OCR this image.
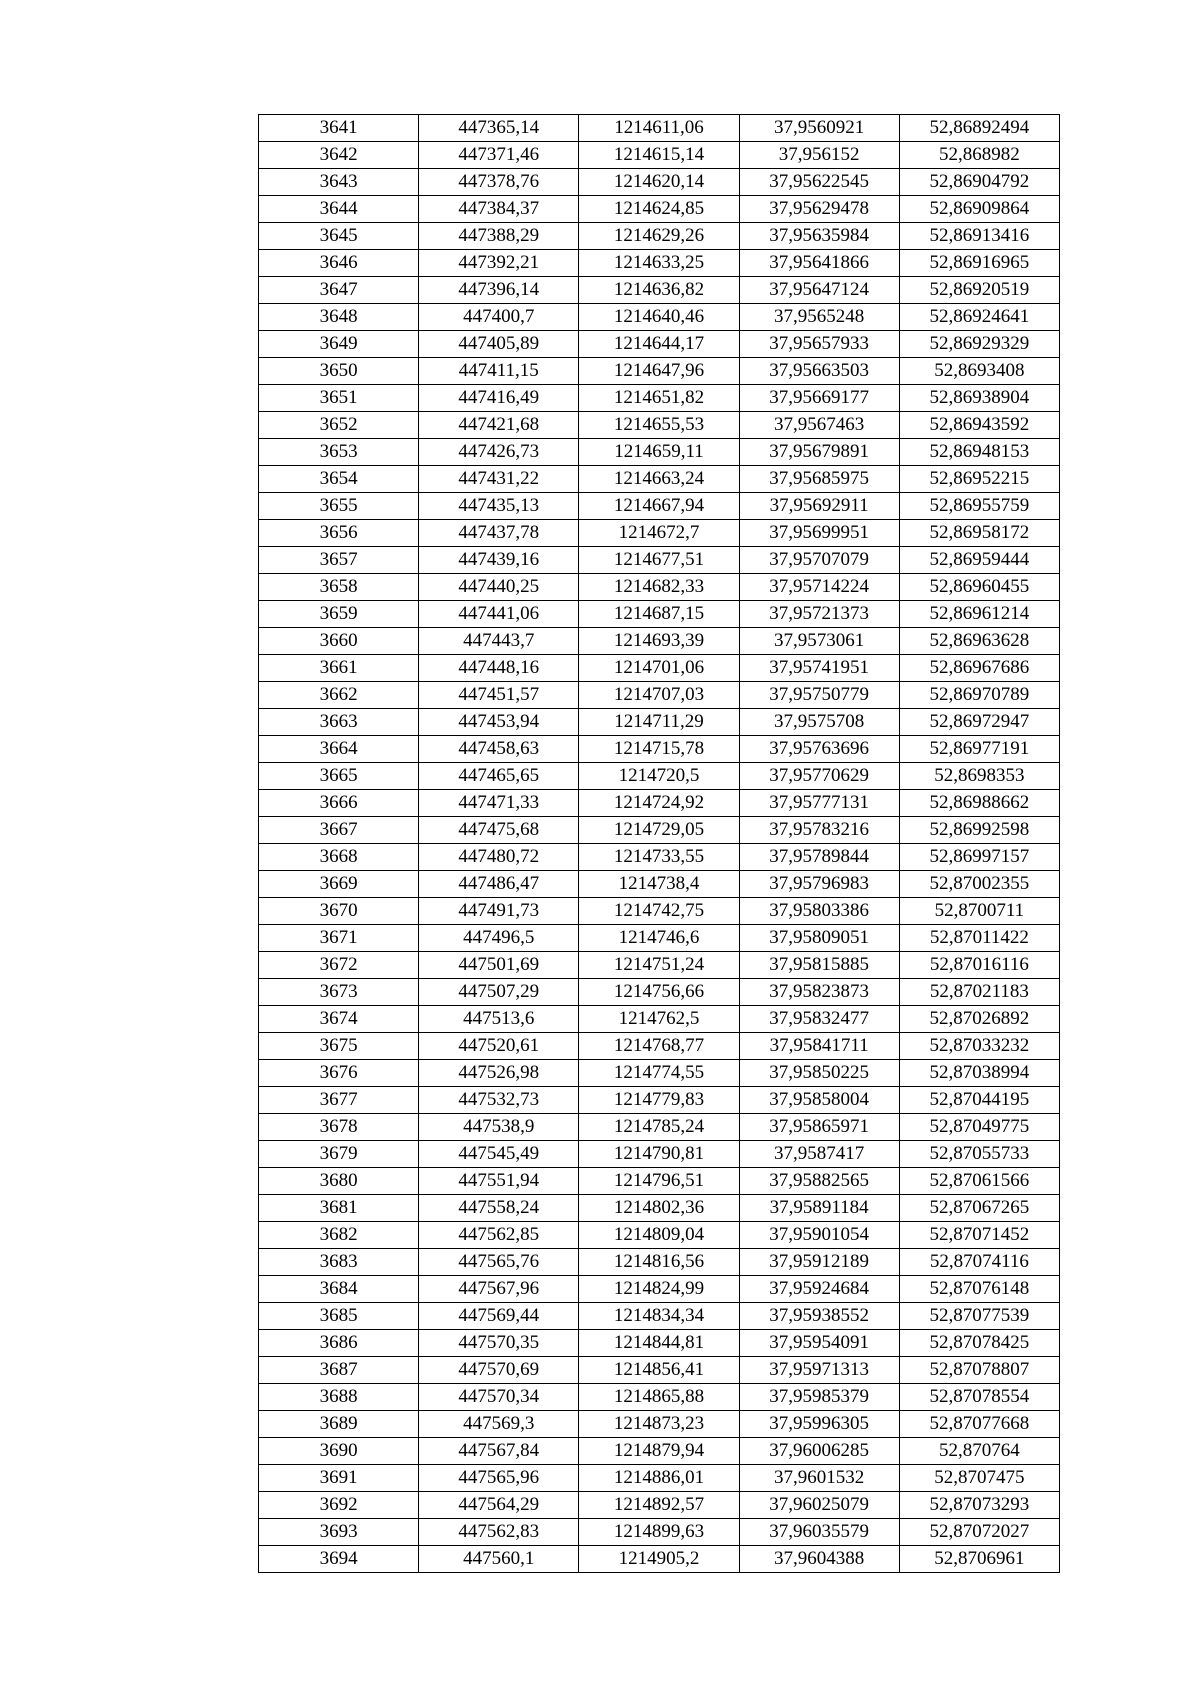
3641	447365,14	1214611,06	37,9560921	52,86892494
3642	447371,46	1214615,14	37,956152	52,868982
3643	447378,76	1214620,14	37,95622545	52,86904792
3644	447384,37	1214624,85	37,95629478	52,86909864
3645	447388,29	1214629,26	37,95635984	52,86913416
3646	447392,21	1214633,25	37,95641866	52,86916965
3647	447396,14	1214636,82	37,95647124	52,86920519
3648	447400,7	1214640,46	37,9565248	52,86924641
3649	447405,89	1214644,17	37,95657933	52,86929329
3650	447411,15	1214647,96	37,95663503	52,8693408
3651	447416,49	1214651,82	37,95669177	52,86938904
3652	447421,68	1214655,53	37,9567463	52,86943592
3653	447426,73	1214659,11	37,95679891	52,86948153
3654	447431,22	1214663,24	37,95685975	52,86952215
3655	447435,13	1214667,94	37,95692911	52,86955759
3656	447437,78	1214672,7	37,95699951	52,86958172
3657	447439,16	1214677,51	37,95707079	52,86959444
3658	447440,25	1214682,33	37,95714224	52,86960455
3659	447441,06	1214687,15	37,95721373	52,86961214
3660	447443,7	1214693,39	37,9573061	52,86963628
3661	447448,16	1214701,06	37,95741951	52,86967686
3662	447451,57	1214707,03	37,95750779	52,86970789
3663	447453,94	1214711,29	37,9575708	52,86972947
3664	447458,63	1214715,78	37,95763696	52,86977191
3665	447465,65	1214720,5	37,95770629	52,8698353
3666	447471,33	1214724,92	37,95777131	52,86988662
3667	447475,68	1214729,05	37,95783216	52,86992598
3668	447480,72	1214733,55	37,95789844	52,86997157
3669	447486,47	1214738,4	37,95796983	52,87002355
3670	447491,73	1214742,75	37,95803386	52,8700711
3671	447496,5	1214746,6	37,95809051	52,87011422
3672	447501,69	1214751,24	37,95815885	52,87016116
3673	447507,29	1214756,66	37,95823873	52,87021183
3674	447513,6	1214762,5	37,95832477	52,87026892
3675	447520,61	1214768,77	37,95841711	52,87033232
3676	447526,98	1214774,55	37,95850225	52,87038994
3677	447532,73	1214779,83	37,95858004	52,87044195
3678	447538,9	1214785,24	37,95865971	52,87049775
3679	447545,49	1214790,81	37,9587417	52,87055733
3680	447551,94	1214796,51	37,95882565	52,87061566
3681	447558,24	1214802,36	37,95891184	52,87067265
3682	447562,85	1214809,04	37,95901054	52,87071452
3683	447565,76	1214816,56	37,95912189	52,87074116
3684	447567,96	1214824,99	37,95924684	52,87076148
3685	447569,44	1214834,34	37,95938552	52,87077539
3686	447570,35	1214844,81	37,95954091	52,87078425
3687	447570,69	1214856,41	37,95971313	52,87078807
3688	447570,34	1214865,88	37,95985379	52,87078554
3689	447569,3	1214873,23	37,95996305	52,87077668
3690	447567,84	1214879,94	37,96006285	52,870764
3691	447565,96	1214886,01	37,9601532	52,8707475
3692	447564,29	1214892,57	37,96025079	52,87073293
3693	447562,83	1214899,63	37,96035579	52,87072027
3694	447560,1	1214905,2	37,9604388	52,8706961
